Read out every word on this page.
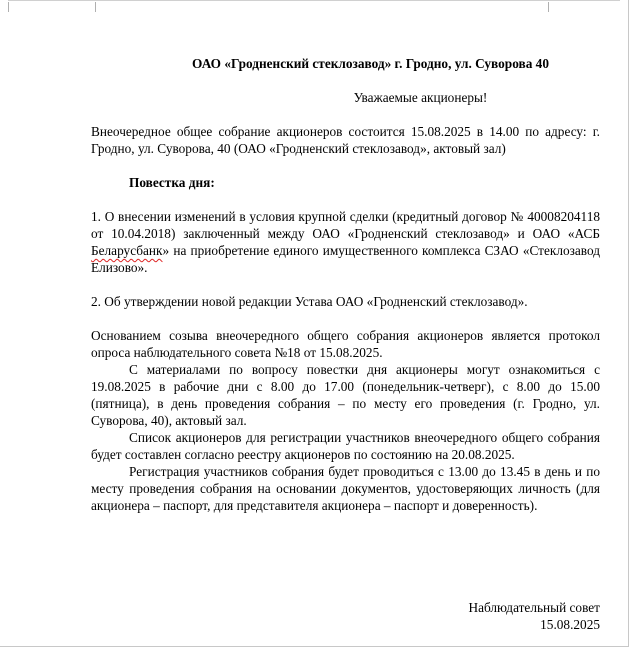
ОАО «Гродненский стеклозавод» г. Гродно, ул. Суворова 40

Уважаемые акционеры!

Внеочередное общее собрание акционеров состоится 15.08.2025 в 14.00 по адресу: г. Гродно, ул. Суворова, 40 (ОАО «Гродненский стеклозавод», актовый зал)

Повестка дня:

1. О внесении изменений в условия крупной сделки (кредитный договор № 40008204118 от 10.04.2018) заключенный между ОАО «Гродненский стеклозавод» и ОАО «АСБ Беларусбанк» на приобретение единого имущественного комплекса СЗАО «Стеклозавод Елизово».

2. Об утверждении новой редакции Устава ОАО «Гродненский стеклозавод».

Основанием созыва внеочередного общего собрания акционеров является протокол опроса наблюдательного совета №18 от 15.08.2025.

С материалами по вопросу повестки дня акционеры могут ознакомиться с 19.08.2025 в рабочие дни с 8.00 до 17.00 (понедельник-четверг), с 8.00 до 15.00 (пятница), в день проведения собрания – по месту его проведения (г. Гродно, ул. Суворова, 40), актовый зал.

Список акционеров для регистрации участников внеочередного общего собрания будет составлен согласно реестру акционеров по состоянию на 20.08.2025.

Регистрация участников собрания будет проводиться с 13.00 до 13.45 в день и по месту проведения собрания на основании документов, удостоверяющих личность (для акционера – паспорт, для представителя акционера – паспорт и доверенность).

Наблюдательный совет
15.08.2025
